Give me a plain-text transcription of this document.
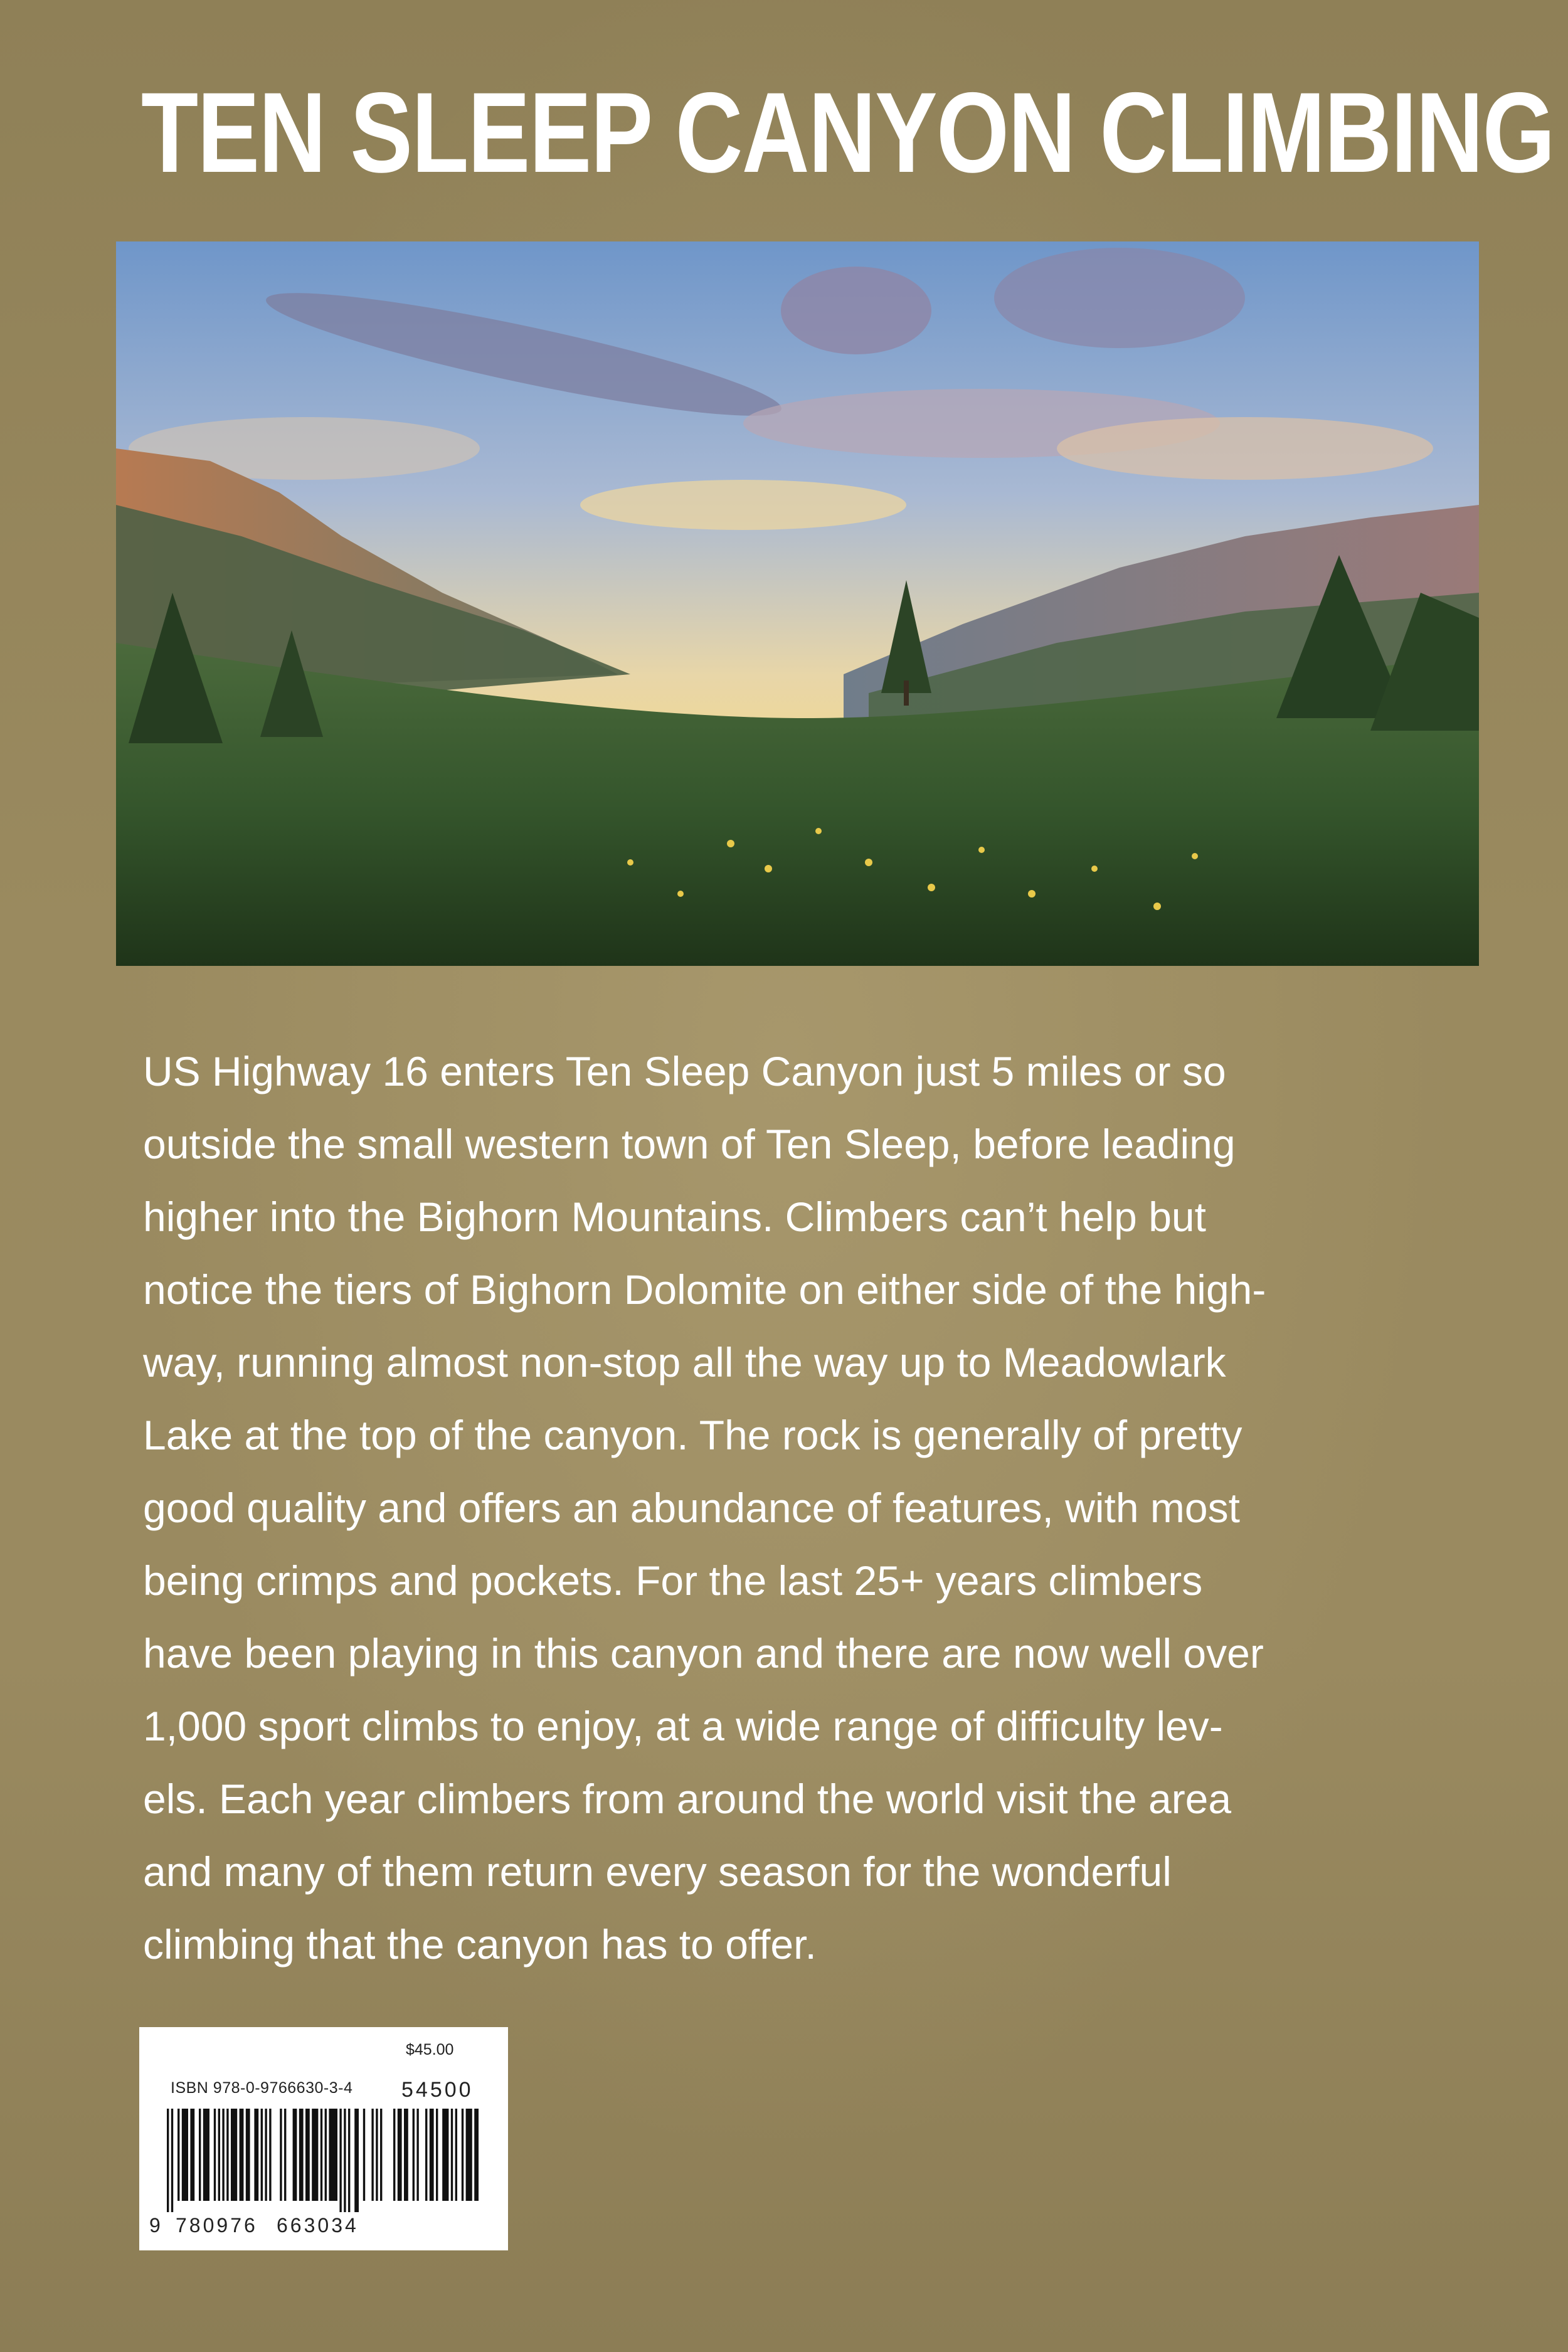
TEN SLEEP CANYON CLIMBING

US Highway 16 enters Ten Sleep Canyon just 5 miles or so
outside the small western town of Ten Sleep, before leading
higher into the Bighorn Mountains. Climbers can’t help but
notice the tiers of Bighorn Dolomite on either side of the high-
way, running almost non-stop all the way up to Meadowlark
Lake at the top of the canyon. The rock is generally of pretty
good quality and offers an abundance of features, with most
being crimps and pockets. For the last 25+ years climbers
have been playing in this canyon and there are now well over
1,000 sport climbs to enjoy, at a wide range of difficulty lev-
els. Each year climbers from around the world visit the area
and many of them return every season for the wonderful
climbing that the canyon has to offer.

$45.00
ISBN 978-0-9766630-3-4 54500
9 780976 663034
